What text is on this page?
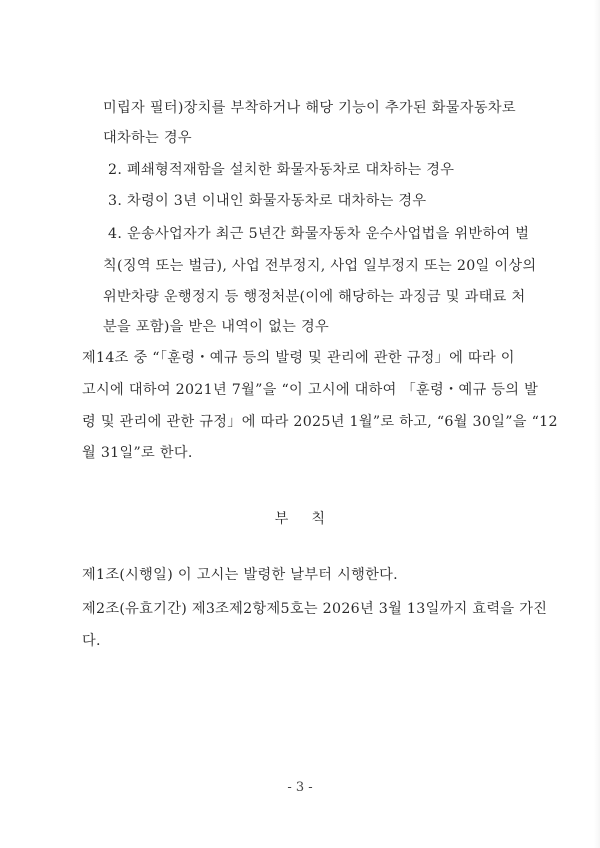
미립자 필터)장치를 부착하거나 해당 기능이 추가된 화물자동차로
대차하는 경우
2. 폐쇄형적재함을 설치한 화물자동차로 대차하는 경우
3. 차령이 3년 이내인 화물자동차로 대차하는 경우
4. 운송사업자가 최근 5년간 화물자동차 운수사업법을 위반하여 벌
칙(징역 또는 벌금), 사업 전부정지, 사업 일부정지 또는 20일 이상의
위반차량 운행정지 등 행정처분(이에 해당하는 과징금 및 과태료 처
분을 포함)을 받은 내역이 없는 경우
제14조 중 “「훈령・예규 등의 발령 및 관리에 관한 규정」에 따라 이
고시에 대하여 2021년 7월”을 “이 고시에 대하여 「훈령・예규 등의 발
령 및 관리에 관한 규정」에 따라 2025년 1월”로 하고, “6월 30일”을 “12
월 31일”로 한다.
부 칙
제1조(시행일) 이 고시는 발령한 날부터 시행한다.
제2조(유효기간) 제3조제2항제5호는 2026년 3월 13일까지 효력을 가진
다.
- 3 -
